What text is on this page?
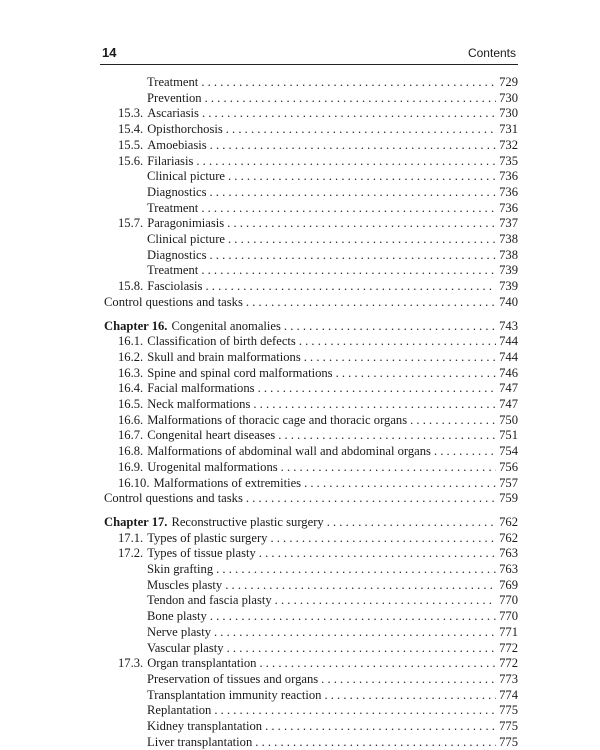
14	Contents
Treatment . . .	729
Prevention . . .	730
15.3. Ascariasis . . .	730
15.4. Opisthorchosis . . .	731
15.5. Amoebiasis . . .	732
15.6. Filariasis . . .	735
Clinical picture . . .	736
Diagnostics . . .	736
Treatment . . .	736
15.7. Paragonimiasis . . .	737
Clinical picture . . .	738
Diagnostics . . .	738
Treatment . . .	739
15.8. Fasciolasis . . .	739
Control questions and tasks . . .	740
Chapter 16. Congenital anomalies . . .	743
16.1. Classification of birth defects . . .	744
16.2. Skull and brain malformations . . .	744
16.3. Spine and spinal cord malformations . . .	746
16.4. Facial malformations . . .	747
16.5. Neck malformations . . .	747
16.6. Malformations of thoracic cage and thoracic organs . . .	750
16.7. Congenital heart diseases . . .	751
16.8. Malformations of abdominal wall and abdominal organs . . .	754
16.9. Urogenital malformations . . .	756
16.10. Malformations of extremities . . .	757
Control questions and tasks . . .	759
Chapter 17. Reconstructive plastic surgery . . .	762
17.1. Types of plastic surgery . . .	762
17.2. Types of tissue plasty . . .	763
Skin grafting . . .	763
Muscles plasty . . .	769
Tendon and fascia plasty . . .	770
Bone plasty . . .	770
Nerve plasty . . .	771
Vascular plasty . . .	772
17.3. Organ transplantation . . .	772
Preservation of tissues and organs . . .	773
Transplantation immunity reaction . . .	774
Replantation . . .	775
Kidney transplantation . . .	775
Liver transplantation . . .	775
